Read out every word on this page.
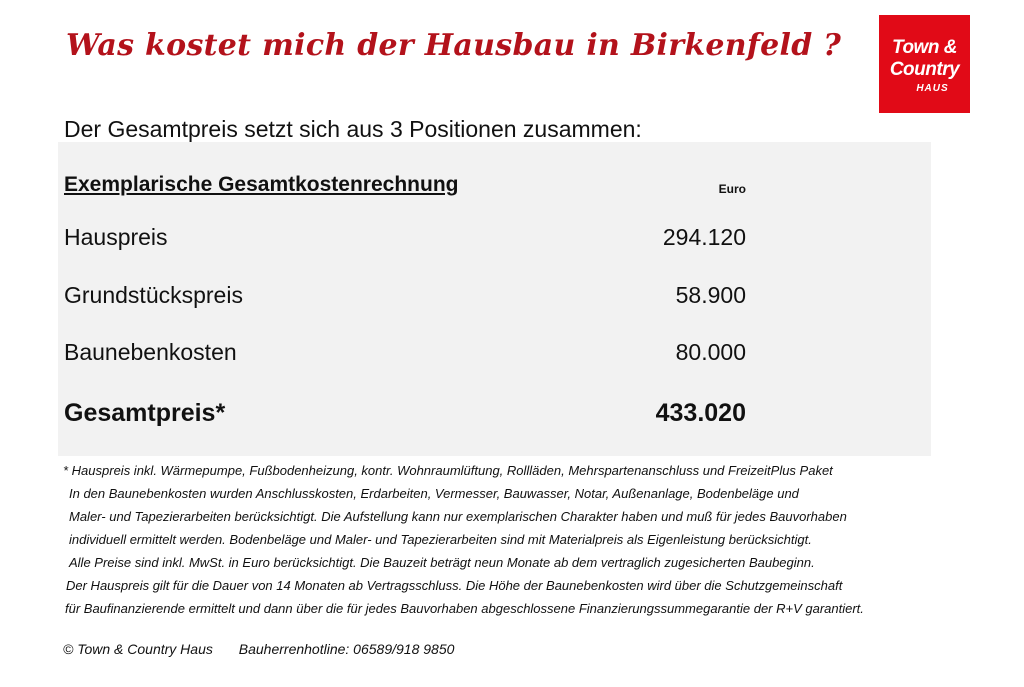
Was kostet mich der Hausbau in Birkenfeld ?	Town &
Country
HAUS
Der Gesamtpreis setzt sich aus 3 Positionen zusammen:
Exemplarische Gesamtkostenrechnung	Euro
Hauspreis	294.120
Grundstückspreis	58.900
Baunebenkosten	80.000
Gesamtpreis*	433.020
* Hauspreis inkl. Wärmepumpe, Fußbodenheizung, kontr. Wohnraumlüftung, Rollläden, Mehrspartenanschluss und FreizeitPlus Paket
In den Baunebenkosten wurden Anschlusskosten, Erdarbeiten, Vermesser, Bauwasser, Notar, Außenanlage, Bodenbeläge und
Maler- und Tapezierarbeiten berücksichtigt. Die Aufstellung kann nur exemplarischen Charakter haben und muß für jedes Bauvorhaben
individuell ermittelt werden. Bodenbeläge und Maler- und Tapezierarbeiten sind mit Materialpreis als Eigenleistung berücksichtigt.
Alle Preise sind inkl. MwSt. in Euro berücksichtigt. Die Bauzeit beträgt neun Monate ab dem vertraglich zugesicherten Baubeginn.
Der Hauspreis gilt für die Dauer von 14 Monaten ab Vertragsschluss. Die Höhe der Baunebenkosten wird über die Schutzgemeinschaft
für Baufinanzierende ermittelt und dann über die für jedes Bauvorhaben abgeschlossene Finanzierungssummegarantie der R+V garantiert.
© Town & Country Haus Bauherrenhotline: 06589/918 9850
